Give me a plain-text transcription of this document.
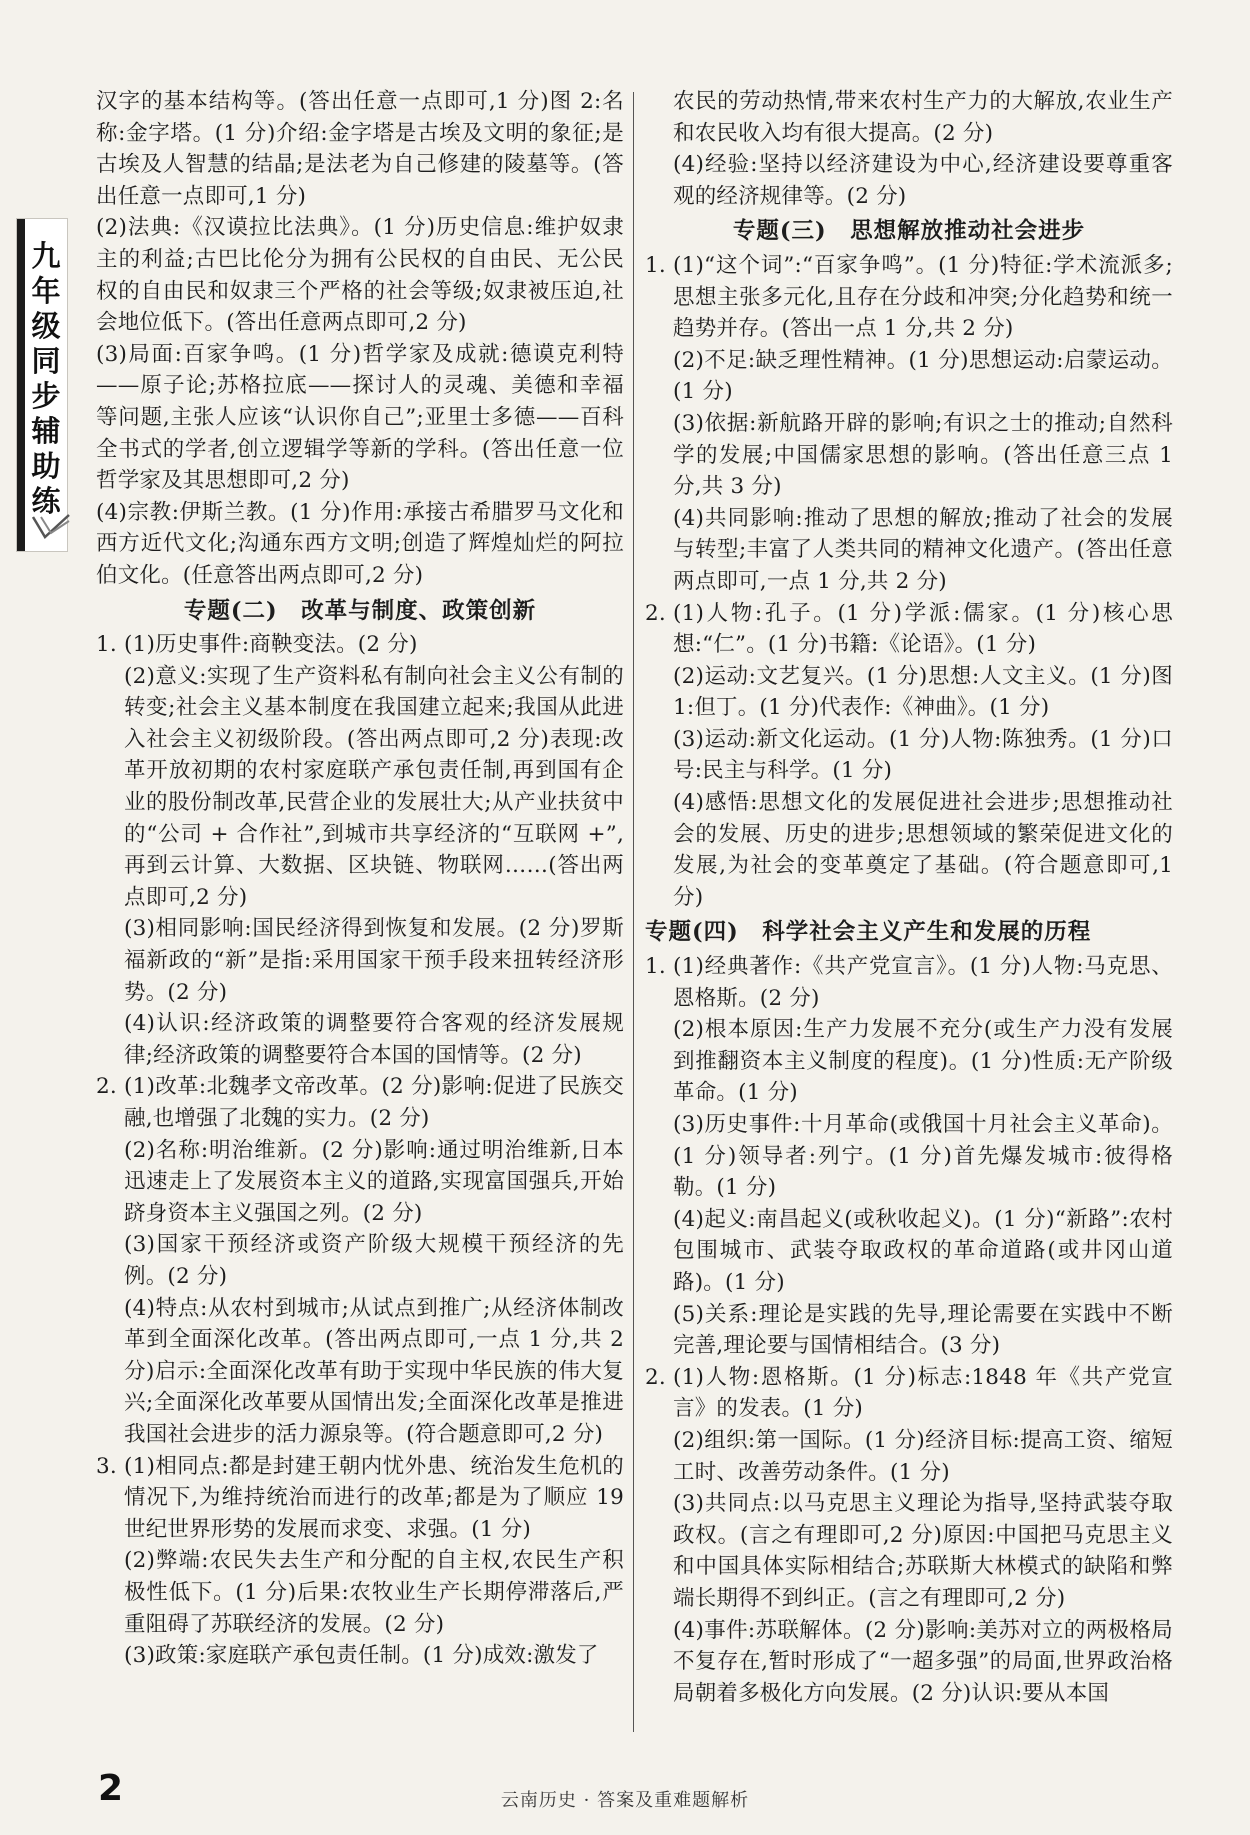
九年级同步辅助练

汉字的基本结构等。(答出任意一点即可,1 分)图 2:名称:金字塔。(1 分)介绍:金字塔是古埃及文明的象征;是古埃及人智慧的结晶;是法老为自己修建的陵墓等。(答出任意一点即可,1 分)

(2)法典:《汉谟拉比法典》。(1 分)历史信息:维护奴隶主的利益;古巴比伦分为拥有公民权的自由民、无公民权的自由民和奴隶三个严格的社会等级;奴隶被压迫,社会地位低下。(答出任意两点即可,2 分)

(3)局面:百家争鸣。(1 分)哲学家及成就:德谟克利特——原子论;苏格拉底——探讨人的灵魂、美德和幸福等问题,主张人应该“认识你自己”;亚里士多德——百科全书式的学者,创立逻辑学等新的学科。(答出任意一位哲学家及其思想即可,2 分)

(4)宗教:伊斯兰教。(1 分)作用:承接古希腊罗马文化和西方近代文化;沟通东西方文明;创造了辉煌灿烂的阿拉伯文化。(任意答出两点即可,2 分)

专题(二)　改革与制度、政策创新
1. (1)历史事件:商鞅变法。(2 分)

(2)意义:实现了生产资料私有制向社会主义公有制的转变;社会主义基本制度在我国建立起来;我国从此进入社会主义初级阶段。(答出两点即可,2 分)表现:改革开放初期的农村家庭联产承包责任制,再到国有企业的股份制改革,民营企业的发展壮大;从产业扶贫中的“公司 + 合作社”,到城市共享经济的“互联网 +”,再到云计算、大数据、区块链、物联网……(答出两点即可,2 分)

(3)相同影响:国民经济得到恢复和发展。(2 分)罗斯福新政的“新”是指:采用国家干预手段来扭转经济形势。(2 分)

(4)认识:经济政策的调整要符合客观的经济发展规律;经济政策的调整要符合本国的国情等。(2 分)

2. (1)改革:北魏孝文帝改革。(2 分)影响:促进了民族交融,也增强了北魏的实力。(2 分)

(2)名称:明治维新。(2 分)影响:通过明治维新,日本迅速走上了发展资本主义的道路,实现富国强兵,开始跻身资本主义强国之列。(2 分)

(3)国家干预经济或资产阶级大规模干预经济的先例。(2 分)

(4)特点:从农村到城市;从试点到推广;从经济体制改革到全面深化改革。(答出两点即可,一点 1 分,共 2 分)启示:全面深化改革有助于实现中华民族的伟大复兴;全面深化改革要从国情出发;全面深化改革是推进我国社会进步的活力源泉等。(符合题意即可,2 分)

3. (1)相同点:都是封建王朝内忧外患、统治发生危机的情况下,为维持统治而进行的改革;都是为了顺应 19 世纪世界形势的发展而求变、求强。(1 分)

(2)弊端:农民失去生产和分配的自主权,农民生产积极性低下。(1 分)后果:农牧业生产长期停滞落后,严重阻碍了苏联经济的发展。(2 分)

(3)政策:家庭联产承包责任制。(1 分)成效:激发了

农民的劳动热情,带来农村生产力的大解放,农业生产和农民收入均有很大提高。(2 分)

(4)经验:坚持以经济建设为中心,经济建设要尊重客观的经济规律等。(2 分)

专题(三)　思想解放推动社会进步
1. (1)“这个词”:“百家争鸣”。(1 分)特征:学术流派多;思想主张多元化,且存在分歧和冲突;分化趋势和统一趋势并存。(答出一点 1 分,共 2 分)

(2)不足:缺乏理性精神。(1 分)思想运动:启蒙运动。(1 分)

(3)依据:新航路开辟的影响;有识之士的推动;自然科学的发展;中国儒家思想的影响。(答出任意三点 1 分,共 3 分)

(4)共同影响:推动了思想的解放;推动了社会的发展与转型;丰富了人类共同的精神文化遗产。(答出任意两点即可,一点 1 分,共 2 分)

2. (1)人物:孔子。(1 分)学派:儒家。(1 分)核心思想:“仁”。(1 分)书籍:《论语》。(1 分)

(2)运动:文艺复兴。(1 分)思想:人文主义。(1 分)图 1:但丁。(1 分)代表作:《神曲》。(1 分)

(3)运动:新文化运动。(1 分)人物:陈独秀。(1 分)口号:民主与科学。(1 分)

(4)感悟:思想文化的发展促进社会进步;思想推动社会的发展、历史的进步;思想领域的繁荣促进文化的发展,为社会的变革奠定了基础。(符合题意即可,1 分)

专题(四)　科学社会主义产生和发展的历程
1. (1)经典著作:《共产党宣言》。(1 分)人物:马克思、恩格斯。(2 分)

(2)根本原因:生产力发展不充分(或生产力没有发展到推翻资本主义制度的程度)。(1 分)性质:无产阶级革命。(1 分)

(3)历史事件:十月革命(或俄国十月社会主义革命)。(1 分)领导者:列宁。(1 分)首先爆发城市:彼得格勒。(1 分)

(4)起义:南昌起义(或秋收起义)。(1 分)“新路”:农村包围城市、武装夺取政权的革命道路(或井冈山道路)。(1 分)

(5)关系:理论是实践的先导,理论需要在实践中不断完善,理论要与国情相结合。(3 分)

2. (1)人物:恩格斯。(1 分)标志:1848 年《共产党宣言》的发表。(1 分)

(2)组织:第一国际。(1 分)经济目标:提高工资、缩短工时、改善劳动条件。(1 分)

(3)共同点:以马克思主义理论为指导,坚持武装夺取政权。(言之有理即可,2 分)原因:中国把马克思主义和中国具体实际相结合;苏联斯大林模式的缺陷和弊端长期得不到纠正。(言之有理即可,2 分)

(4)事件:苏联解体。(2 分)影响:美苏对立的两极格局不复存在,暂时形成了“一超多强”的局面,世界政治格局朝着多极化方向发展。(2 分)认识:要从本国

2	云南历史 · 答案及重难题解析
